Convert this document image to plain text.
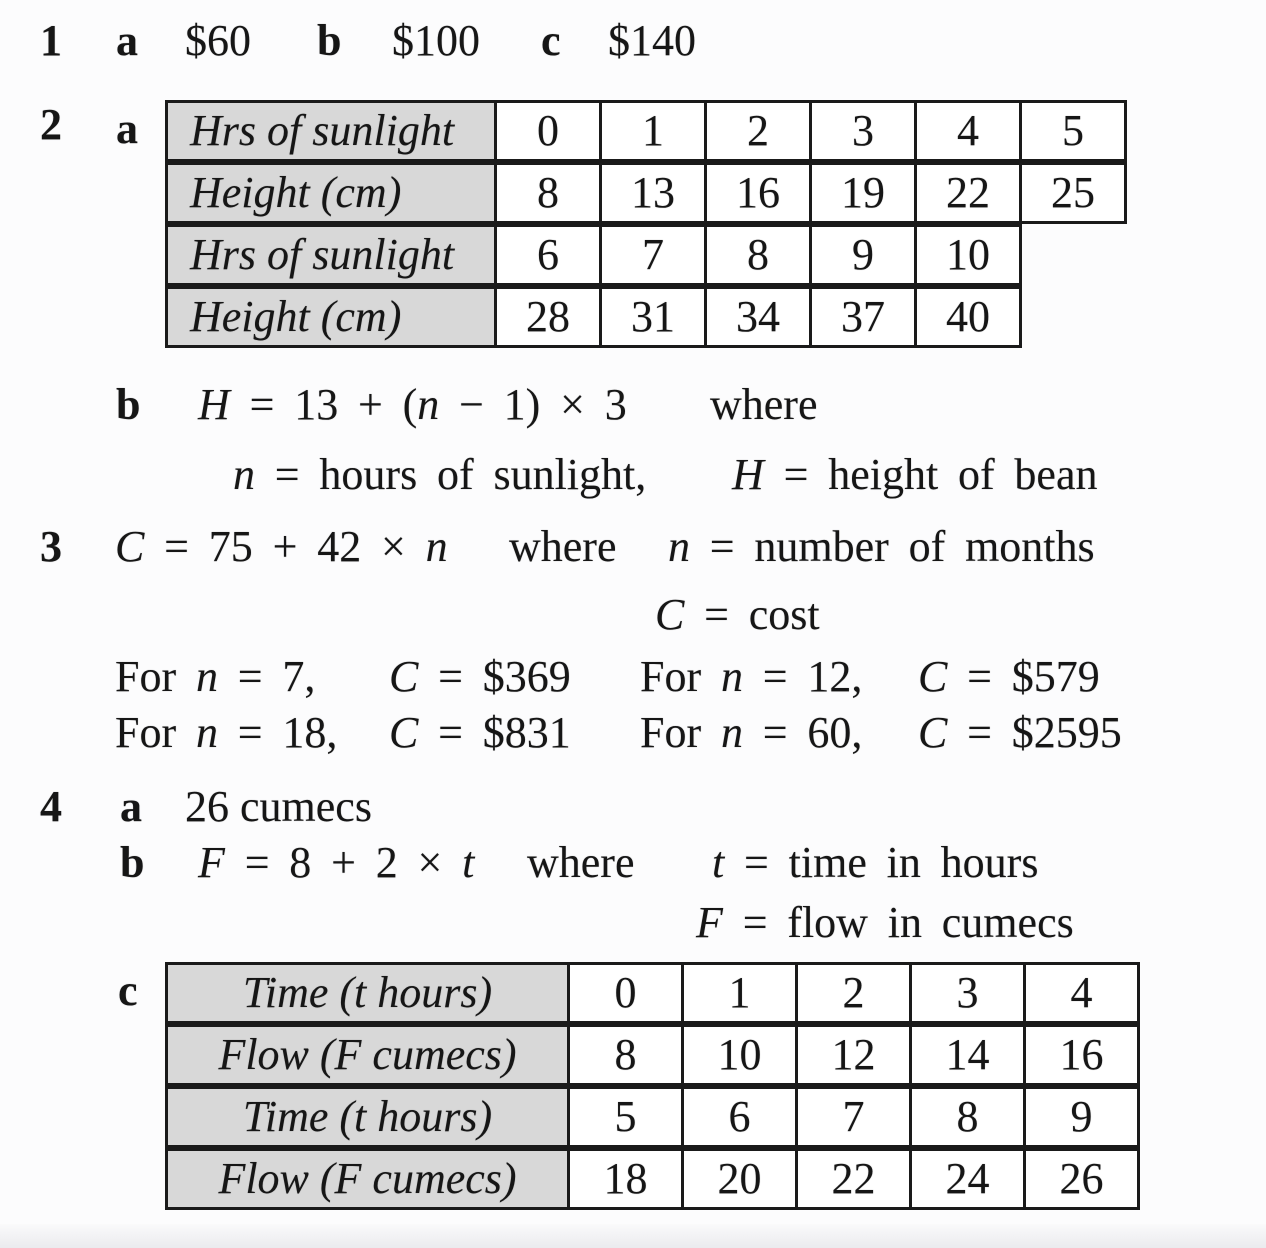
1 a $60 b $100 c $140
2 a	Hrs of sunlight	0	1	2	3	4	5
Height (cm)	8	13	16	19	22	25
Hrs of sunlight	6	7	8	9	10
Height (cm)	28	31	34	37	40
b H = 13 + (n − 1) × 3 where
n = hours of sunlight, H = height of bean
3 C = 75 + 42 × n where n = number of months
C = cost
For n = 7, C = $369 For n = 12, C = $579
For n = 18, C = $831 For n = 60, C = $2595
4 a 26 cumecs
b F = 8 + 2 × t where t = time in hours
F = flow in cumecs
c	Time (t hours)	0	1	2	3	4
Flow (F cumecs)	8	10	12	14	16
Time (t hours)	5	6	7	8	9
Flow (F cumecs)	18	20	22	24	26
